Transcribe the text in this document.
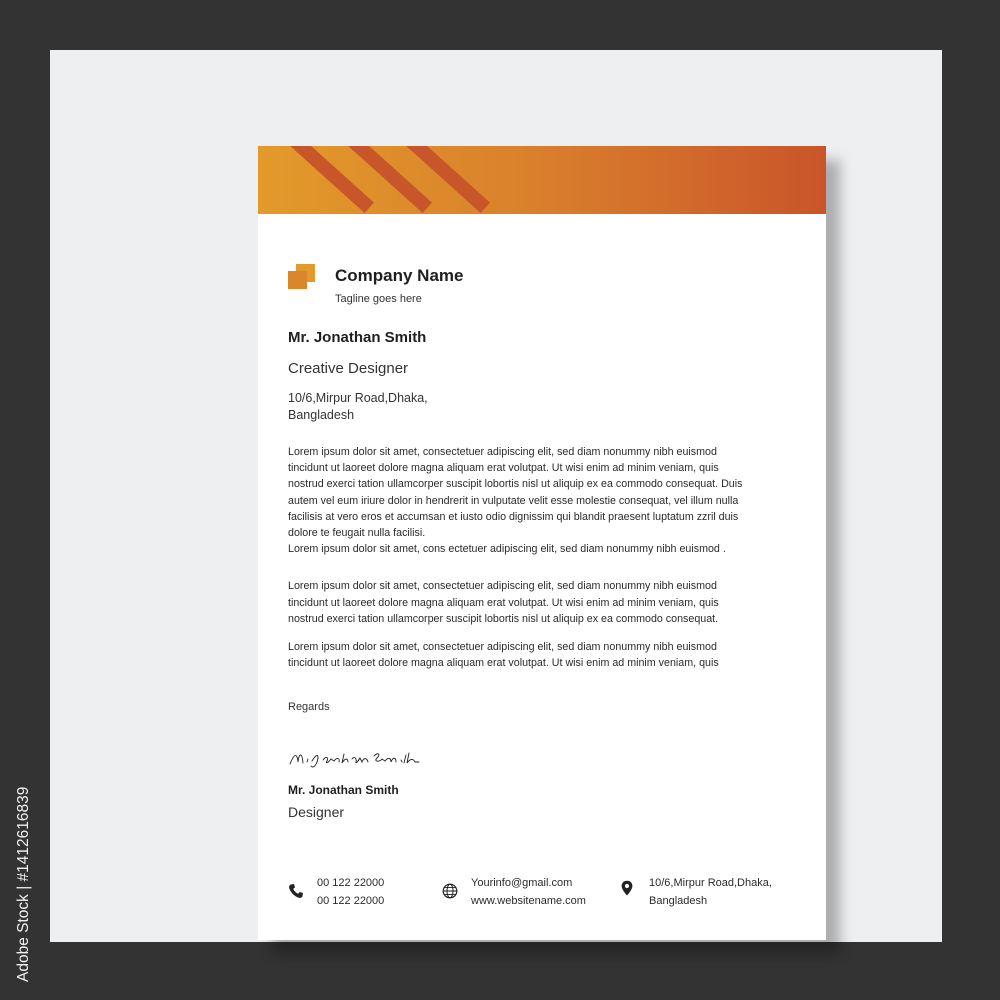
Company Name
Tagline goes here
Mr. Jonathan Smith
Creative Designer
10/6,Mirpur Road,Dhaka,
Bangladesh
Lorem ipsum dolor sit amet, consectetuer adipiscing elit, sed diam nonummy nibh euismod
tincidunt ut laoreet dolore magna aliquam erat volutpat. Ut wisi enim ad minim veniam, quis
nostrud exerci tation ullamcorper suscipit lobortis nisl ut aliquip ex ea commodo consequat. Duis
autem vel eum iriure dolor in hendrerit in vulputate velit esse molestie consequat, vel illum nulla
facilisis at vero eros et accumsan et iusto odio dignissim qui blandit praesent luptatum zzril duis
dolore te feugait nulla facilisi.
Lorem ipsum dolor sit amet, cons ectetuer adipiscing elit, sed diam nonummy nibh euismod .
Lorem ipsum dolor sit amet, consectetuer adipiscing elit, sed diam nonummy nibh euismod
tincidunt ut laoreet dolore magna aliquam erat volutpat. Ut wisi enim ad minim veniam, quis
nostrud exerci tation ullamcorper suscipit lobortis nisl ut aliquip ex ea commodo consequat.
Lorem ipsum dolor sit amet, consectetuer adipiscing elit, sed diam nonummy nibh euismod
tincidunt ut laoreet dolore magna aliquam erat volutpat. Ut wisi enim ad minim veniam, quis
Regards
Mr. Jonathan Smith
Designer
00 122 22000
00 122 22000
Yourinfo@gmail.com
www.websitename.com
10/6,Mirpur Road,Dhaka,
Bangladesh
Adobe Stock | #1412616839
